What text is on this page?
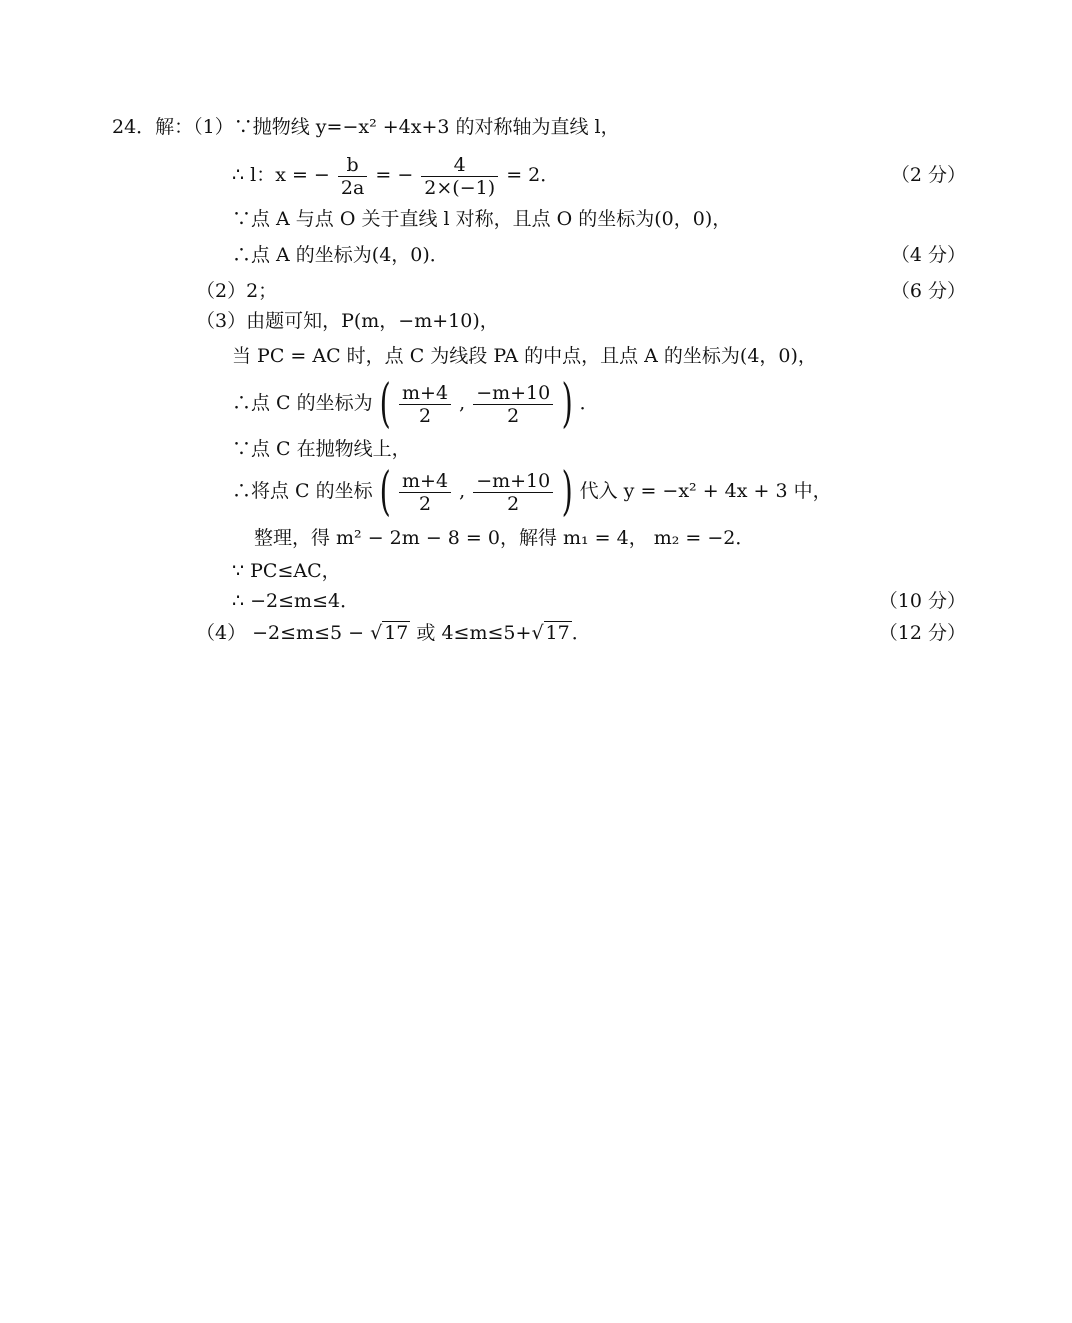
24．解：（1）∵抛物线 y=−x² +4x+3 的对称轴为直线 l，
∴ l：x = − $\frac{b}{2a}$ = − $\frac{4}{2\times(-1)} = 2$．	（2 分）
∵点 A 与点 O 关于直线 l 对称，且点 O 的坐标为(0，0)，
∴点 A 的坐标为(4，0)．	（4 分）
（2）2；	（6 分）
（3）由题可知，P(m，−m+10)，
当 PC = AC 时，点 C 为线段 PA 的中点，且点 A 的坐标为(4，0)，
∴点 C 的坐标为 ( $\frac{m+4}{2}$ , $\frac{-m+10}{2}$ ) ．
∵点 C 在抛物线上，
∴将点 C 的坐标 ( $\frac{m+4}{2}$ , $\frac{-m+10}{2}$ ) 代入 y = −x² + 4x + 3 中，
整理，得 m² − 2m − 8 = 0，解得 m₁ = 4， m₂ = −2．
∵ PC≤AC，
∴ −2≤m≤4．	（10 分）
（4） −2≤m≤5 − √ 17 或 4≤m≤5+√ 17 ．	（12 分）
